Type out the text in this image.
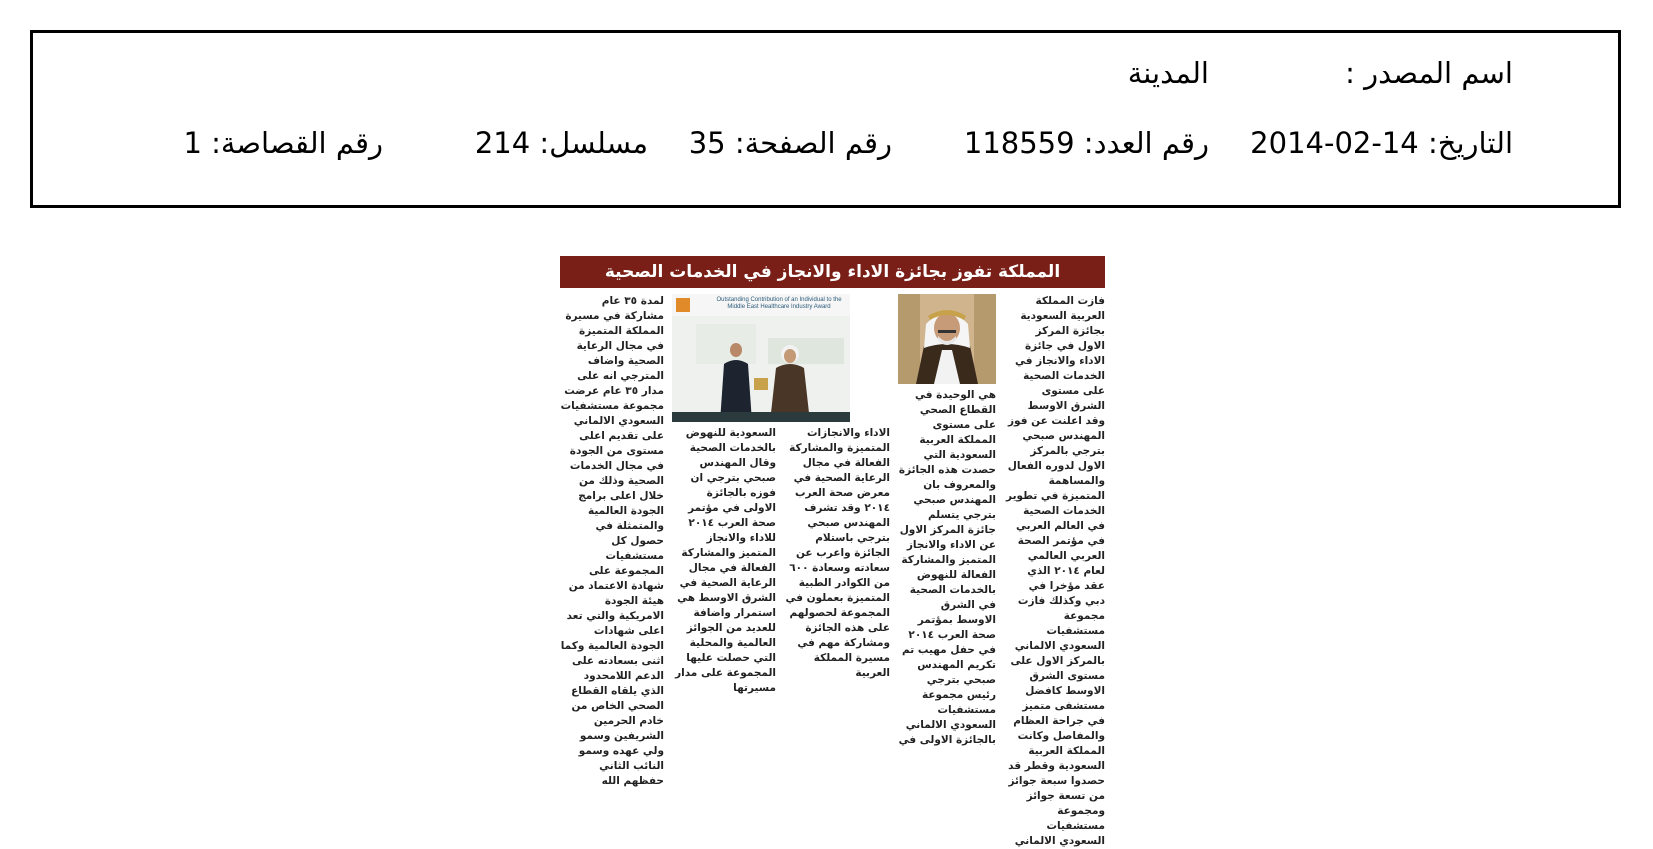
اسم المصدر :
المدينة
التاريخ: 14-02-2014
رقم العدد: 118559
رقم الصفحة: 35
مسلسل: 214
رقم القصاصة: 1
المملكة تفوز بجائزة الاداء والانجاز في الخدمات الصحية
فازت المملكة العربية السعودية بجائزة المركز الاول في جائزة الاداء والانجاز في الخدمات الصحية على مستوى الشرق الاوسط وقد اعلنت عن فوز المهندس صبحي بترجي بالمركز الاول لدوره الفعال والمساهمة المتميزة في تطوير الخدمات الصحية في العالم العربي في مؤتمر الصحة العربي العالمي لعام ٢٠١٤ الذي عقد مؤخرا في دبي وكذلك فازت مجموعة مستشفيات السعودي الالماني بالمركز الاول على مستوى الشرق الاوسط كافضل مستشفى متميز في جراحة العظام والمفاصل وكانت المملكة العربية السعودية وقطر قد حصدوا سبعة جوائز من تسعة جوائز ومجموعة مستشفيات السعودي الالماني
هي الوحيدة في القطاع الصحي على مستوى المملكة العربية السعودية التي حصدت هذه الجائزة والمعروف بان المهندس صبحي بترجي يتسلم جائزة المركز الاول عن الاداء والانجاز المتميز والمشاركة الفعالة للنهوض بالخدمات الصحية في الشرق الاوسط بمؤتمر صحة العرب ٢٠١٤ في حفل مهيب تم تكريم المهندس صبحي بترجي رئيس مجموعة مستشفيات السعودي الالماني بالجائزة الاولى في
الاداء والانجازات المتميزة والمشاركة الفعالة في مجال الرعاية الصحية في معرض صحة العرب ٢٠١٤ وقد تشرف المهندس صبحي بترجي باستلام الجائزة واعرب عن سعادته وسعادة ٦٠٠ من الكوادر الطبية المتميزة بعملون في المجموعة لحصولهم على هذه الجائزة ومشاركة مهم في مسيرة المملكة العربية
Outstanding Contribution of an Individual to the Middle East Healthcare Industry Award
السعودية للنهوض بالخدمات الصحية وقال المهندس صبحي بترجي ان فوزه بالجائزة الاولى في مؤتمر صحة العرب ٢٠١٤ للاداء والانجاز المتميز والمشاركة الفعالة في مجال الرعاية الصحية في الشرق الاوسط هي استمرار واضافة للعديد من الجوائز العالمية والمحلية التي حصلت عليها المجموعة على مدار مسيرتها
لمدة ٣٥ عام مشاركة في مسيرة المملكة المتميزة في مجال الرعاية الصحية واضاف المترجي انه على مدار ٣٥ عام عرضت مجموعة مستشفيات السعودي الالماني على تقديم اعلى مستوى من الجودة في مجال الخدمات الصحية وذلك من خلال اعلى برامج الجودة العالمية والمتمثلة في حصول كل مستشفيات المجموعة على شهادة الاعتماد من هيئة الجودة الامريكية والتي تعد اعلى شهادات الجودة العالمية وكما اثنى بسعادته على الدعم اللامحدود الذي يلقاه القطاع الصحي الخاص من خادم الحرمين الشريفين وسمو ولي عهده وسمو النائب الثاني حفظهم الله
